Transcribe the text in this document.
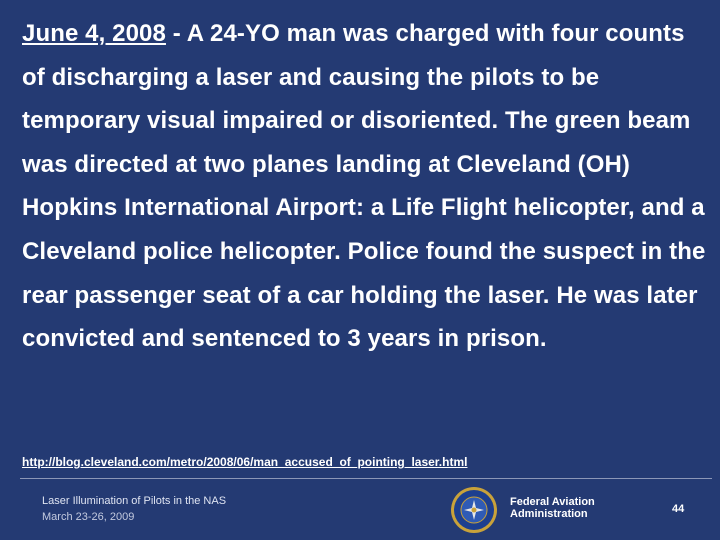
June 4, 2008 - A 24-YO man was charged with four counts of discharging a laser and causing the pilots to be temporary visual impaired or disoriented. The green beam was directed at two planes landing at Cleveland (OH) Hopkins International Airport: a Life Flight helicopter, and a Cleveland police helicopter. Police found the suspect in the rear passenger seat of a car holding the laser. He was later convicted and sentenced to 3 years in prison.
http://blog.cleveland.com/metro/2008/06/man_accused_of_pointing_laser.html
Laser Illumination of Pilots in the NAS
March 23-26, 2009
Federal Aviation
Administration	44
